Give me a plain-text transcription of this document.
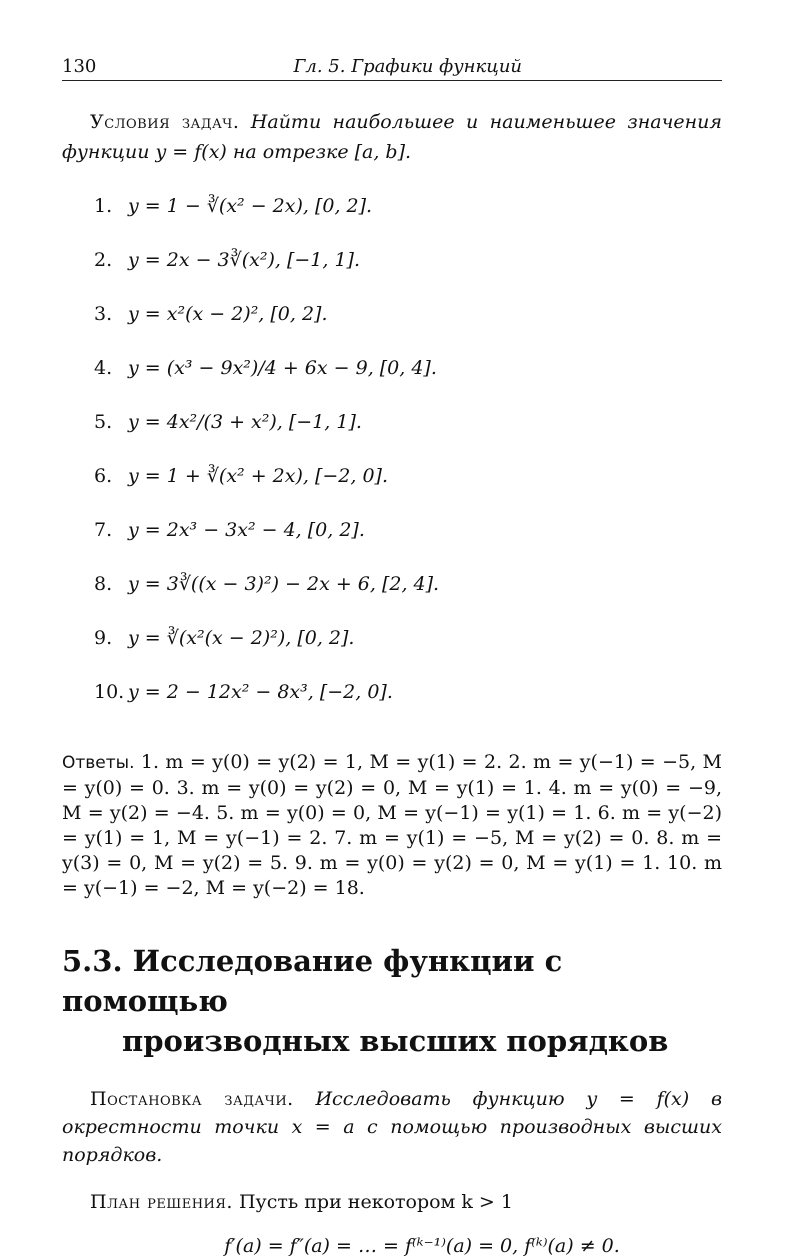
130	Гл. 5. Графики функций

Условия задач. Найти наибольшее и наименьшее значения функции y = f(x) на отрезке [a, b].

1. y = 1 − ∛(x² − 2x), [0, 2].
2. y = 2x − 3∛(x²), [−1, 1].
3. y = x²(x − 2)², [0, 2].
4. y = (x³ − 9x²)/4 + 6x − 9, [0, 4].
5. y = 4x²/(3 + x²), [−1, 1].
6. y = 1 + ∛(x² + 2x), [−2, 0].
7. y = 2x³ − 3x² − 4, [0, 2].
8. y = 3∛((x − 3)²) − 2x + 6, [2, 4].
9. y = ∛(x²(x − 2)²), [0, 2].
10. y = 2 − 12x² − 8x³, [−2, 0].

Ответы. 1. m = y(0) = y(2) = 1, M = y(1) = 2. 2. m = y(−1) = −5, M = y(0) = 0. 3. m = y(0) = y(2) = 0, M = y(1) = 1. 4. m = y(0) = −9, M = y(2) = −4. 5. m = y(0) = 0, M = y(−1) = y(1) = 1. 6. m = y(−2) = y(1) = 1, M = y(−1) = 2. 7. m = y(1) = −5, M = y(2) = 0. 8. m = y(3) = 0, M = y(2) = 5. 9. m = y(0) = y(2) = 0, M = y(1) = 1. 10. m = y(−1) = −2, M = y(−2) = 18.

5.3. Исследование функции с помощью
производных высших порядков

Постановка задачи. Исследовать функцию y = f(x) в окрестности точки x = a с помощью производных высших порядков.

План решения. Пусть при некотором k > 1

f′(a) = f″(a) = … = f⁽ᵏ⁻¹⁾(a) = 0, f⁽ᵏ⁾(a) ≠ 0.
